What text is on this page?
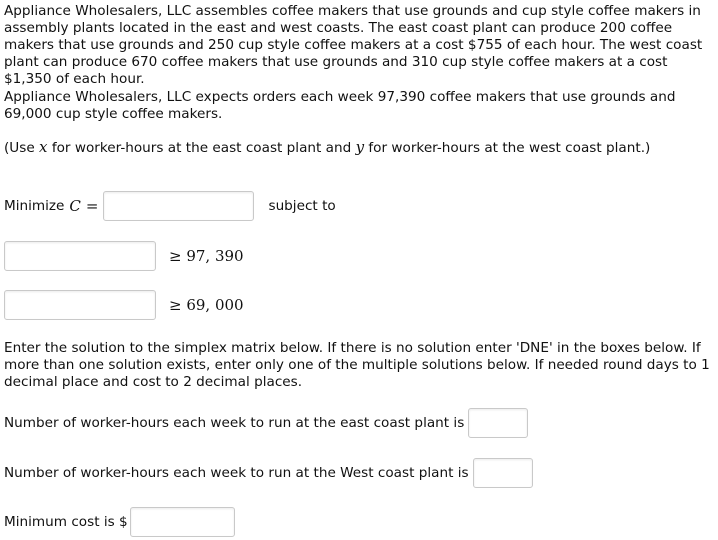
Appliance Wholesalers, LLC assembles coffee makers that use grounds and cup style coffee makers in assembly plants located in the east and west coasts. The east coast plant can produce 200 coffee makers that use grounds and 250 cup style coffee makers at a cost $755 of each hour. The west coast plant can produce 670 coffee makers that use grounds and 310 cup style coffee makers at a cost $1,350 of each hour.

Appliance Wholesalers, LLC expects orders each week 97,390 coffee makers that use grounds and 69,000 cup style coffee makers.

(Use x for worker-hours at the east coast plant and y for worker-hours at the west coast plant.)

Minimize C =	subject to
≥ 97, 390
≥ 69, 000

Enter the solution to the simplex matrix below. If there is no solution enter 'DNE' in the boxes below. If more than one solution exists, enter only one of the multiple solutions below. If needed round days to 1 decimal place and cost to 2 decimal places.

Number of worker-hours each week to run at the east coast plant is
Number of worker-hours each week to run at the West coast plant is
Minimum cost is $
